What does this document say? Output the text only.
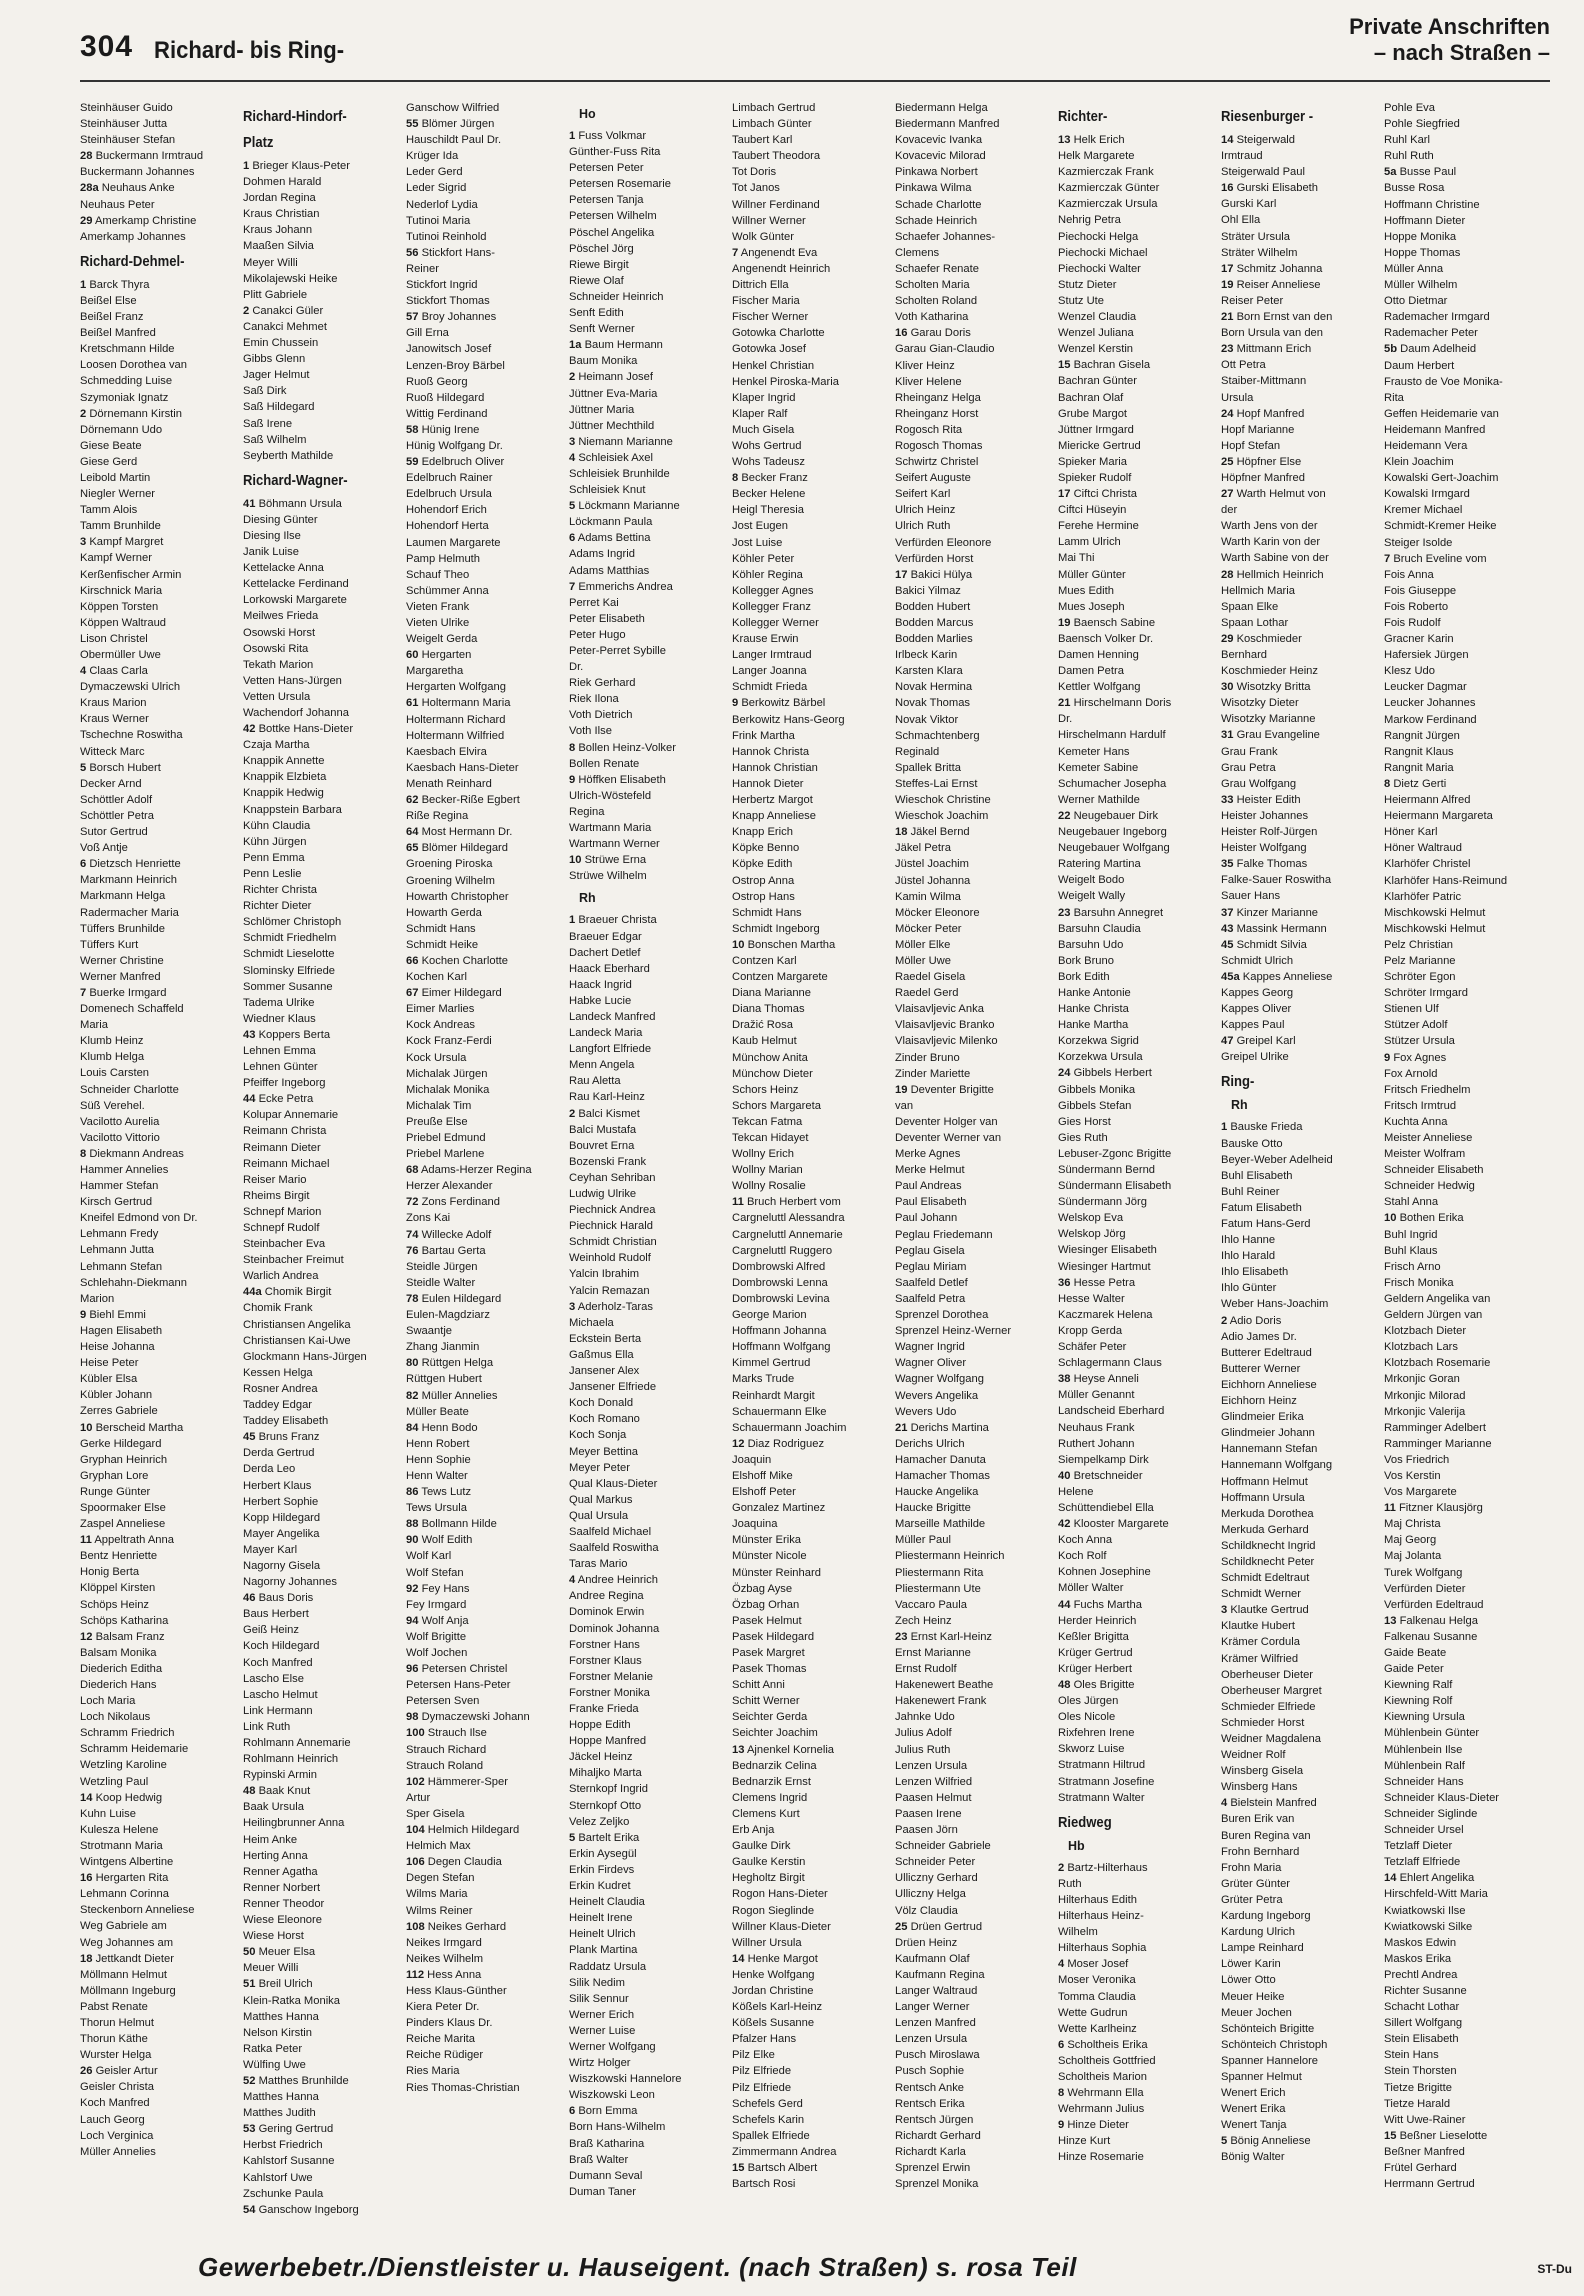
304 Richard- bis Ring-
Private Anschriften
– nach Straßen –
Steinhäuser Guido
Steinhäuser Jutta
Steinhäuser Stefan
28 Buckermann Irmtraud
Buckermann Johannes
28a Neuhaus Anke
Neuhaus Peter
29 Amerkamp Christine
Amerkamp Johannes
Richard-Dehmel-
1 Barck Thyra
Beißel Else
Beißel Franz
Beißel Manfred
Kretschmann Hilde
Loosen Dorothea van
Schmedding Luise
Szymoniak Ignatz
2 Dörnemann Kirstin
Dörnemann Udo
Giese Beate
Giese Gerd
Leibold Martin
Niegler Werner
Tamm Alois
Tamm Brunhilde
3 Kampf Margret
Kampf Werner
Kerßenfischer Armin
Kirschnick Maria
Köppen Torsten
Köppen Waltraud
Lison Christel
Obermüller Uwe
4 Claas Carla
Dymaczewski Ulrich
Kraus Marion
Kraus Werner
Tschechne Roswitha
Witteck Marc
5 Borsch Hubert
Decker Arnd
Schöttler Adolf
Schöttler Petra
Sutor Gertrud
Voß Antje
6 Dietzsch Henriette
Markmann Heinrich
Markmann Helga
Radermacher Maria
Tüffers Brunhilde
Tüffers Kurt
Werner Christine
Werner Manfred
7 Buerke Irmgard
Domenech Schaffeld
Maria
Klumb Heinz
Klumb Helga
Louis Carsten
Schneider Charlotte
Süß Verehel.
Vacilotto Aurelia
Vacilotto Vittorio
8 Diekmann Andreas
Hammer Annelies
Hammer Stefan
Kirsch Gertrud
Kneifel Edmond von Dr.
Lehmann Fredy
Lehmann Jutta
Lehmann Stefan
Schlehahn-Diekmann
Marion
9 Biehl Emmi
Hagen Elisabeth
Heise Johanna
Heise Peter
Kübler Elsa
Kübler Johann
Zerres Gabriele
10 Berscheid Martha
Gerke Hildegard
Gryphan Heinrich
Gryphan Lore
Runge Günter
Spoormaker Else
Zaspel Anneliese
11 Appeltrath Anna
Bentz Henriette
Honig Berta
Klöppel Kirsten
Schöps Heinz
Schöps Katharina
12 Balsam Franz
Balsam Monika
Diederich Editha
Diederich Hans
Loch Maria
Loch Nikolaus
Schramm Friedrich
Schramm Heidemarie
Wetzling Karoline
Wetzling Paul
14 Koop Hedwig
Kuhn Luise
Kulesza Helene
Strotmann Maria
Wintgens Albertine
16 Hergarten Rita
Lehmann Corinna
Steckenborn Anneliese
Weg Gabriele am
Weg Johannes am
18 Jettkandt Dieter
Möllmann Helmut
Möllmann Ingeburg
Pabst Renate
Thorun Helmut
Thorun Käthe
Wurster Helga
26 Geisler Artur
Geisler Christa
Koch Manfred
Lauch Georg
Loch Verginica
Müller Annelies
Richard-Hindorf-
Platz
1 Brieger Klaus-Peter
Dohmen Harald
Jordan Regina
Kraus Christian
Kraus Johann
Maaßen Silvia
Meyer Willi
Mikolajewski Heike
Plitt Gabriele
2 Canakci Güler
Canakci Mehmet
Emin Chussein
Gibbs Glenn
Jager Helmut
Saß Dirk
Saß Hildegard
Saß Irene
Saß Wilhelm
Seyberth Mathilde
Richard-Wagner-
41 Böhmann Ursula
Diesing Günter
Diesing Ilse
Janik Luise
Kettelacke Anna
Kettelacke Ferdinand
Lorkowski Margarete
Meilwes Frieda
Osowski Horst
Osowski Rita
Tekath Marion
Vetten Hans-Jürgen
Vetten Ursula
Wachendorf Johanna
42 Bottke Hans-Dieter
Czaja Martha
Knappik Annette
Knappik Elzbieta
Knappik Hedwig
Knappstein Barbara
Kühn Claudia
Kühn Jürgen
Penn Emma
Penn Leslie
Richter Christa
Richter Dieter
Schlömer Christoph
Schmidt Friedhelm
Schmidt Lieselotte
Slominsky Elfriede
Sommer Susanne
Tadema Ulrike
Wiedner Klaus
43 Koppers Berta
Lehnen Emma
Lehnen Günter
Pfeiffer Ingeborg
44 Ecke Petra
Kolupar Annemarie
Reimann Christa
Reimann Dieter
Reimann Michael
Reiser Mario
Rheims Birgit
Schnepf Marion
Schnepf Rudolf
Steinbacher Eva
Steinbacher Freimut
Warlich Andrea
44a Chomik Birgit
Chomik Frank
Christiansen Angelika
Christiansen Kai-Uwe
Glockmann Hans-Jürgen
Kessen Helga
Rosner Andrea
Taddey Edgar
Taddey Elisabeth
45 Bruns Franz
Derda Gertrud
Derda Leo
Herbert Klaus
Herbert Sophie
Kopp Hildegard
Mayer Angelika
Mayer Karl
Nagorny Gisela
Nagorny Johannes
46 Baus Doris
Baus Herbert
Geiß Heinz
Koch Hildegard
Koch Manfred
Lascho Else
Lascho Helmut
Link Hermann
Link Ruth
Rohlmann Annemarie
Rohlmann Heinrich
Rypinski Armin
48 Baak Knut
Baak Ursula
Heilingbrunner Anna
Heim Anke
Herting Anna
Renner Agatha
Renner Norbert
Renner Theodor
Wiese Eleonore
Wiese Horst
50 Meuer Elsa
Meuer Willi
51 Breil Ulrich
Klein-Ratka Monika
Matthes Hanna
Nelson Kirstin
Ratka Peter
Wülfing Uwe
52 Matthes Brunhilde
Matthes Hanna
Matthes Judith
53 Gering Gertrud
Herbst Friedrich
Kahlstorf Susanne
Kahlstorf Uwe
Zschunke Paula
54 Ganschow Ingeborg
Ganschow Wilfried
55 Blömer Jürgen
Hauschildt Paul Dr.
Krüger Ida
Leder Gerd
Leder Sigrid
Nederlof Lydia
Tutinoi Maria
Tutinoi Reinhold
56 Stickfort Hans-
Reiner
Stickfort Ingrid
Stickfort Thomas
57 Broy Johannes
Gill Erna
Janowitsch Josef
Lenzen-Broy Bärbel
Ruoß Georg
Ruoß Hildegard
Wittig Ferdinand
58 Hünig Irene
Hünig Wolfgang Dr.
59 Edelbruch Oliver
Edelbruch Rainer
Edelbruch Ursula
Hohendorf Erich
Hohendorf Herta
Laumen Margarete
Pamp Helmuth
Schauf Theo
Schümmer Anna
Vieten Frank
Vieten Ulrike
Weigelt Gerda
60 Hergarten
Margaretha
Hergarten Wolfgang
61 Holtermann Maria
Holtermann Richard
Holtermann Wilfried
Kaesbach Elvira
Kaesbach Hans-Dieter
Menath Reinhard
62 Becker-Riße Egbert
Riße Regina
64 Most Hermann Dr.
65 Blömer Hildegard
Groening Piroska
Groening Wilhelm
Howarth Christopher
Howarth Gerda
Schmidt Hans
Schmidt Heike
66 Kochen Charlotte
Kochen Karl
67 Eimer Hildegard
Eimer Marlies
Kock Andreas
Kock Franz-Ferdi
Kock Ursula
Michalak Jürgen
Michalak Monika
Michalak Tim
Preuße Else
Priebel Edmund
Priebel Marlene
68 Adams-Herzer Regina
Herzer Alexander
72 Zons Ferdinand
Zons Kai
74 Willecke Adolf
76 Bartau Gerta
Steidle Jürgen
Steidle Walter
78 Eulen Hildegard
Eulen-Magdziarz
Swaantje
Zhang Jianmin
80 Rüttgen Helga
Rüttgen Hubert
82 Müller Annelies
Müller Beate
84 Henn Bodo
Henn Robert
Henn Sophie
Henn Walter
86 Tews Lutz
Tews Ursula
88 Bollmann Hilde
90 Wolf Edith
Wolf Karl
Wolf Stefan
92 Fey Hans
Fey Irmgard
94 Wolf Anja
Wolf Brigitte
Wolf Jochen
96 Petersen Christel
Petersen Hans-Peter
Petersen Sven
98 Dymaczewski Johann
100 Strauch Ilse
Strauch Richard
Strauch Roland
102 Hämmerer-Sper
Artur
Sper Gisela
104 Helmich Hildegard
Helmich Max
106 Degen Claudia
Degen Stefan
Wilms Maria
Wilms Reiner
108 Neikes Gerhard
Neikes Irmgard
Neikes Wilhelm
112 Hess Anna
Hess Klaus-Günther
Kiera Peter Dr.
Pinders Klaus Dr.
Reiche Marita
Reiche Rüdiger
Ries Maria
Ries Thomas-Christian
Ho
1 Fuss Volkmar
Günther-Fuss Rita
Petersen Peter
Petersen Rosemarie
Petersen Tanja
Petersen Wilhelm
Pöschel Angelika
Pöschel Jörg
Riewe Birgit
Riewe Olaf
Schneider Heinrich
Senft Edith
Senft Werner
1a Baum Hermann
Baum Monika
2 Heimann Josef
Jüttner Eva-Maria
Jüttner Maria
Jüttner Mechthild
3 Niemann Marianne
4 Schleisiek Axel
Schleisiek Brunhilde
Schleisiek Knut
5 Löckmann Marianne
Löckmann Paula
6 Adams Bettina
Adams Ingrid
Adams Matthias
7 Emmerichs Andrea
Perret Kai
Peter Elisabeth
Peter Hugo
Peter-Perret Sybille
Dr.
Riek Gerhard
Riek Ilona
Voth Dietrich
Voth Ilse
8 Bollen Heinz-Volker
Bollen Renate
9 Höffken Elisabeth
Ulrich-Wöstefeld
Regina
Wartmann Maria
Wartmann Werner
10 Strüwe Erna
Strüwe Wilhelm
Rh
1 Braeuer Christa
Braeuer Edgar
Dachert Detlef
Haack Eberhard
Haack Ingrid
Habke Lucie
Landeck Manfred
Landeck Maria
Langfort Elfriede
Menn Angela
Rau Aletta
Rau Karl-Heinz
2 Balci Kismet
Balci Mustafa
Bouvret Erna
Bozenski Frank
Ceyhan Sehriban
Ludwig Ulrike
Piechnick Andrea
Piechnick Harald
Schmidt Christian
Weinhold Rudolf
Yalcin Ibrahim
Yalcin Remazan
3 Aderholz-Taras
Michaela
Eckstein Berta
Gaßmus Ella
Jansener Alex
Jansener Elfriede
Koch Donald
Koch Romano
Koch Sonja
Meyer Bettina
Meyer Peter
Qual Klaus-Dieter
Qual Markus
Qual Ursula
Saalfeld Michael
Saalfeld Roswitha
Taras Mario
4 Andree Heinrich
Andree Regina
Dominok Erwin
Dominok Johanna
Forstner Hans
Forstner Klaus
Forstner Melanie
Forstner Monika
Franke Frieda
Hoppe Edith
Hoppe Manfred
Jäckel Heinz
Mihaljko Marta
Sternkopf Ingrid
Sternkopf Otto
Velez Zeljko
5 Bartelt Erika
Erkin Aysegül
Erkin Firdevs
Erkin Kudret
Heinelt Claudia
Heinelt Irene
Heinelt Ulrich
Plank Martina
Raddatz Ursula
Silik Nedim
Silik Sennur
Werner Erich
Werner Luise
Werner Wolfgang
Wirtz Holger
Wiszkowski Hannelore
Wiszkowski Leon
6 Born Emma
Born Hans-Wilhelm
Braß Katharina
Braß Walter
Dumann Seval
Duman Taner
Limbach Gertrud
Limbach Günter
Taubert Karl
Taubert Theodora
Tot Doris
Tot Janos
Willner Ferdinand
Willner Werner
Wolk Günter
7 Angenendt Eva
Angenendt Heinrich
Dittrich Ella
Fischer Maria
Fischer Werner
Gotowka Charlotte
Gotowka Josef
Henkel Christian
Henkel Piroska-Maria
Klaper Ingrid
Klaper Ralf
Much Gisela
Wohs Gertrud
Wohs Tadeusz
8 Becker Franz
Becker Helene
Heigl Theresia
Jost Eugen
Jost Luise
Köhler Peter
Köhler Regina
Kollegger Agnes
Kollegger Franz
Kollegger Werner
Krause Erwin
Langer Irmtraud
Langer Joanna
Schmidt Frieda
9 Berkowitz Bärbel
Berkowitz Hans-Georg
Frink Martha
Hannok Christa
Hannok Christian
Hannok Dieter
Herbertz Margot
Knapp Anneliese
Knapp Erich
Köpke Benno
Köpke Edith
Ostrop Anna
Ostrop Hans
Schmidt Hans
Schmidt Ingeborg
10 Bonschen Martha
Contzen Karl
Contzen Margarete
Diana Marianne
Diana Thomas
Dražić Rosa
Kaub Helmut
Münchow Anita
Münchow Dieter
Schors Heinz
Schors Margareta
Tekcan Fatma
Tekcan Hidayet
Wollny Erich
Wollny Marian
Wollny Rosalie
11 Bruch Herbert vom
Cargneluttl Alessandra
Cargneluttl Annemarie
Cargneluttl Ruggero
Dombrowski Alfred
Dombrowski Lenna
Dombrowski Levina
George Marion
Hoffmann Johanna
Hoffmann Wolfgang
Kimmel Gertrud
Marks Trude
Reinhardt Margit
Schauermann Elke
Schauermann Joachim
12 Diaz Rodriguez
Joaquin
Elshoff Mike
Elshoff Peter
Gonzalez Martinez
Joaquina
Münster Erika
Münster Nicole
Münster Reinhard
Özbag Ayse
Özbag Orhan
Pasek Helmut
Pasek Hildegard
Pasek Margret
Pasek Thomas
Schitt Anni
Schitt Werner
Seichter Gerda
Seichter Joachim
13 Ajnenkel Kornelia
Bednarzik Celina
Bednarzik Ernst
Clemens Ingrid
Clemens Kurt
Erb Anja
Gaulke Dirk
Gaulke Kerstin
Hegholtz Birgit
Rogon Hans-Dieter
Rogon Sieglinde
Willner Klaus-Dieter
Willner Ursula
14 Henke Margot
Henke Wolfgang
Jordan Christine
Kößels Karl-Heinz
Kößels Susanne
Pfalzer Hans
Pilz Elke
Pilz Elfriede
Pilz Elfriede
Schefels Gerd
Schefels Karin
Spallek Elfriede
Zimmermann Andrea
15 Bartsch Albert
Bartsch Rosi
Biedermann Helga
Biedermann Manfred
Kovacevic Ivanka
Kovacevic Milorad
Pinkawa Norbert
Pinkawa Wilma
Schade Charlotte
Schade Heinrich
Schaefer Johannes-
Clemens
Schaefer Renate
Scholten Maria
Scholten Roland
Voth Katharina
16 Garau Doris
Garau Gian-Claudio
Kliver Heinz
Kliver Helene
Rheinganz Helga
Rheinganz Horst
Rogosch Rita
Rogosch Thomas
Schwirtz Christel
Seifert Auguste
Seifert Karl
Ulrich Heinz
Ulrich Ruth
Verfürden Eleonore
Verfürden Horst
17 Bakici Hülya
Bakici Yilmaz
Bodden Hubert
Bodden Marcus
Bodden Marlies
Irlbeck Karin
Karsten Klara
Novak Hermina
Novak Thomas
Novak Viktor
Schmachtenberg
Reginald
Spallek Britta
Steffes-Lai Ernst
Wieschok Christine
Wieschok Joachim
18 Jäkel Bernd
Jäkel Petra
Jüstel Joachim
Jüstel Johanna
Kamin Wilma
Möcker Eleonore
Möcker Peter
Möller Elke
Möller Uwe
Raedel Gisela
Raedel Gerd
Vlaisavljevic Anka
Vlaisavljevic Branko
Vlaisavljevic Milenko
Zinder Bruno
Zinder Mariette
19 Deventer Brigitte
van
Deventer Holger van
Deventer Werner van
Merke Agnes
Merke Helmut
Paul Andreas
Paul Elisabeth
Paul Johann
Peglau Friedemann
Peglau Gisela
Peglau Miriam
Saalfeld Detlef
Saalfeld Petra
Sprenzel Dorothea
Sprenzel Heinz-Werner
Wagner Ingrid
Wagner Oliver
Wagner Wolfgang
Wevers Angelika
Wevers Udo
21 Derichs Martina
Derichs Ulrich
Hamacher Danuta
Hamacher Thomas
Haucke Angelika
Haucke Brigitte
Marseille Mathilde
Müller Paul
Pliestermann Heinrich
Pliestermann Rita
Pliestermann Ute
Vaccaro Paula
Zech Heinz
23 Ernst Karl-Heinz
Ernst Marianne
Ernst Rudolf
Hakenewert Beathe
Hakenewert Frank
Jahnke Udo
Julius Adolf
Julius Ruth
Lenzen Ursula
Lenzen Wilfried
Paasen Helmut
Paasen Irene
Paasen Jörn
Schneider Gabriele
Schneider Peter
Ulliczny Gerhard
Ulliczny Helga
Völz Claudia
25 Drüen Gertrud
Drüen Heinz
Kaufmann Olaf
Kaufmann Regina
Langer Waltraud
Langer Werner
Lenzen Manfred
Lenzen Ursula
Pusch Miroslawa
Pusch Sophie
Rentsch Anke
Rentsch Erika
Rentsch Jürgen
Richardt Gerhard
Richardt Karla
Sprenzel Erwin
Sprenzel Monika
Richter-
13 Helk Erich
Helk Margarete
Kazmierczak Frank
Kazmierczak Günter
Kazmierczak Ursula
Nehrig Petra
Piechocki Helga
Piechocki Michael
Piechocki Walter
Stutz Dieter
Stutz Ute
Wenzel Claudia
Wenzel Juliana
Wenzel Kerstin
15 Bachran Gisela
Bachran Günter
Bachran Olaf
Grube Margot
Jüttner Irmgard
Miericke Gertrud
Spieker Maria
Spieker Rudolf
17 Ciftci Christa
Ciftci Hüseyin
Ferehe Hermine
Lamm Ulrich
Mai Thi
Müller Günter
Mues Edith
Mues Joseph
19 Baensch Sabine
Baensch Volker Dr.
Damen Henning
Damen Petra
Kettler Wolfgang
21 Hirschelmann Doris
Dr.
Hirschelmann Hardulf
Kemeter Hans
Kemeter Sabine
Schumacher Josepha
Werner Mathilde
22 Neugebauer Dirk
Neugebauer Ingeborg
Neugebauer Wolfgang
Ratering Martina
Weigelt Bodo
Weigelt Wally
23 Barsuhn Annegret
Barsuhn Claudia
Barsuhn Udo
Bork Bruno
Bork Edith
Hanke Antonie
Hanke Christa
Hanke Martha
Korzekwa Sigrid
Korzekwa Ursula
24 Gibbels Herbert
Gibbels Monika
Gibbels Stefan
Gies Horst
Gies Ruth
Lebuser-Zgonc Brigitte
Sündermann Bernd
Sündermann Elisabeth
Sündermann Jörg
Welskop Eva
Welskop Jörg
Wiesinger Elisabeth
Wiesinger Hartmut
36 Hesse Petra
Hesse Walter
Kaczmarek Helena
Kropp Gerda
Schäfer Peter
Schlagermann Claus
38 Heyse Anneli
Müller Genannt
Landscheid Eberhard
Neuhaus Frank
Ruthert Johann
Siempelkamp Dirk
40 Bretschneider
Helene
Schüttendiebel Ella
42 Klooster Margarete
Koch Anna
Koch Rolf
Kohnen Josephine
Möller Walter
44 Fuchs Martha
Herder Heinrich
Keßler Brigitta
Krüger Gertrud
Krüger Herbert
48 Oles Brigitte
Oles Jürgen
Oles Nicole
Rixfehren Irene
Skworz Luise
Stratmann Hiltrud
Stratmann Josefine
Stratmann Walter
Riedweg
Hb
2 Bartz-Hilterhaus
Ruth
Hilterhaus Edith
Hilterhaus Heinz-
Wilhelm
Hilterhaus Sophia
4 Moser Josef
Moser Veronika
Tomma Claudia
Wette Gudrun
Wette Karlheinz
6 Scholtheis Erika
Scholtheis Gottfried
Scholtheis Marion
8 Wehrmann Ella
Wehrmann Julius
9 Hinze Dieter
Hinze Kurt
Hinze Rosemarie
Riesenburger -
14 Steigerwald
Irmtraud
Steigerwald Paul
16 Gurski Elisabeth
Gurski Karl
Ohl Ella
Sträter Ursula
Sträter Wilhelm
17 Schmitz Johanna
19 Reiser Anneliese
Reiser Peter
21 Born Ernst van den
Born Ursula van den
23 Mittmann Erich
Ott Petra
Staiber-Mittmann
Ursula
24 Hopf Manfred
Hopf Marianne
Hopf Stefan
25 Höpfner Else
Höpfner Manfred
27 Warth Helmut von
der
Warth Jens von der
Warth Karin von der
Warth Sabine von der
28 Hellmich Heinrich
Hellmich Maria
Spaan Elke
Spaan Lothar
29 Koschmieder
Bernhard
Koschmieder Heinz
30 Wisotzky Britta
Wisotzky Dieter
Wisotzky Marianne
31 Grau Evangeline
Grau Frank
Grau Petra
Grau Wolfgang
33 Heister Edith
Heister Johannes
Heister Rolf-Jürgen
Heister Wolfgang
35 Falke Thomas
Falke-Sauer Roswitha
Sauer Hans
37 Kinzer Marianne
43 Massink Hermann
45 Schmidt Silvia
Schmidt Ulrich
45a Kappes Anneliese
Kappes Georg
Kappes Oliver
Kappes Paul
47 Greipel Karl
Greipel Ulrike
Ring-
Rh
1 Bauske Frieda
Bauske Otto
Beyer-Weber Adelheid
Buhl Elisabeth
Buhl Reiner
Fatum Elisabeth
Fatum Hans-Gerd
Ihlo Hanne
Ihlo Harald
Ihlo Elisabeth
Ihlo Günter
Weber Hans-Joachim
2 Adio Doris
Adio James Dr.
Butterer Edeltraud
Butterer Werner
Eichhorn Anneliese
Eichhorn Heinz
Glindmeier Erika
Glindmeier Johann
Hannemann Stefan
Hannemann Wolfgang
Hoffmann Helmut
Hoffmann Ursula
Merkuda Dorothea
Merkuda Gerhard
Schildknecht Ingrid
Schildknecht Peter
Schmidt Edeltraut
Schmidt Werner
3 Klautke Gertrud
Klautke Hubert
Krämer Cordula
Krämer Wilfried
Oberheuser Dieter
Oberheuser Margret
Schmieder Elfriede
Schmieder Horst
Weidner Magdalena
Weidner Rolf
Winsberg Gisela
Winsberg Hans
4 Bielstein Manfred
Buren Erik van
Buren Regina van
Frohn Bernhard
Frohn Maria
Grüter Günter
Grüter Petra
Kardung Ingeborg
Kardung Ulrich
Lampe Reinhard
Löwer Karin
Löwer Otto
Meuer Heike
Meuer Jochen
Schönteich Brigitte
Schönteich Christoph
Spanner Hannelore
Spanner Helmut
Wenert Erich
Wenert Erika
Wenert Tanja
5 Bönig Anneliese
Bönig Walter
Pohle Eva
Pohle Siegfried
Ruhl Karl
Ruhl Ruth
5a Busse Paul
Busse Rosa
Hoffmann Christine
Hoffmann Dieter
Hoppe Monika
Hoppe Thomas
Müller Anna
Müller Wilhelm
Otto Dietmar
Rademacher Irmgard
Rademacher Peter
5b Daum Adelheid
Daum Herbert
Frausto de Voe Monika-
Rita
Geffen Heidemarie van
Heidemann Manfred
Heidemann Vera
Klein Joachim
Kowalski Gert-Joachim
Kowalski Irmgard
Kremer Michael
Schmidt-Kremer Heike
Steiger Isolde
7 Bruch Eveline vom
Fois Anna
Fois Giuseppe
Fois Roberto
Fois Rudolf
Gracner Karin
Hafersiek Jürgen
Klesz Udo
Leucker Dagmar
Leucker Johannes
Markow Ferdinand
Rangnit Jürgen
Rangnit Klaus
Rangnit Maria
8 Dietz Gerti
Heiermann Alfred
Heiermann Margareta
Höner Karl
Höner Waltraud
Klarhöfer Christel
Klarhöfer Hans-Reimund
Klarhöfer Patric
Mischkowski Helmut
Mischkowski Helmut
Pelz Christian
Pelz Marianne
Schröter Egon
Schröter Irmgard
Stienen Ulf
Stützer Adolf
Stützer Ursula
9 Fox Agnes
Fox Arnold
Fritsch Friedhelm
Fritsch Irmtrud
Kuchta Anna
Meister Anneliese
Meister Wolfram
Schneider Elisabeth
Schneider Hedwig
Stahl Anna
10 Bothen Erika
Buhl Ingrid
Buhl Klaus
Frisch Arno
Frisch Monika
Geldern Angelika van
Geldern Jürgen van
Klotzbach Dieter
Klotzbach Lars
Klotzbach Rosemarie
Mrkonjic Goran
Mrkonjic Milorad
Mrkonjic Valerija
Ramminger Adelbert
Ramminger Marianne
Vos Friedrich
Vos Kerstin
Vos Margarete
11 Fitzner Klausjörg
Maj Christa
Maj Georg
Maj Jolanta
Turek Wolfgang
Verfürden Dieter
Verfürden Edeltraud
13 Falkenau Helga
Falkenau Susanne
Gaide Beate
Gaide Peter
Kiewning Ralf
Kiewning Rolf
Kiewning Ursula
Mühlenbein Günter
Mühlenbein Ilse
Mühlenbein Ralf
Schneider Hans
Schneider Klaus-Dieter
Schneider Siglinde
Schneider Ursel
Tetzlaff Dieter
Tetzlaff Elfriede
14 Ehlert Angelika
Hirschfeld-Witt Maria
Kwiatkowski Ilse
Kwiatkowski Silke
Maskos Edwin
Maskos Erika
Prechtl Andrea
Richter Susanne
Schacht Lothar
Sillert Wolfgang
Stein Elisabeth
Stein Hans
Stein Thorsten
Tietze Brigitte
Tietze Harald
Witt Uwe-Rainer
15 Beßner Lieselotte
Beßner Manfred
Frütel Gerhard
Herrmann Gertrud
Gewerbebetr./Dienstleister u. Hauseigent. (nach Straßen) s. rosa Teil	ST-Du
